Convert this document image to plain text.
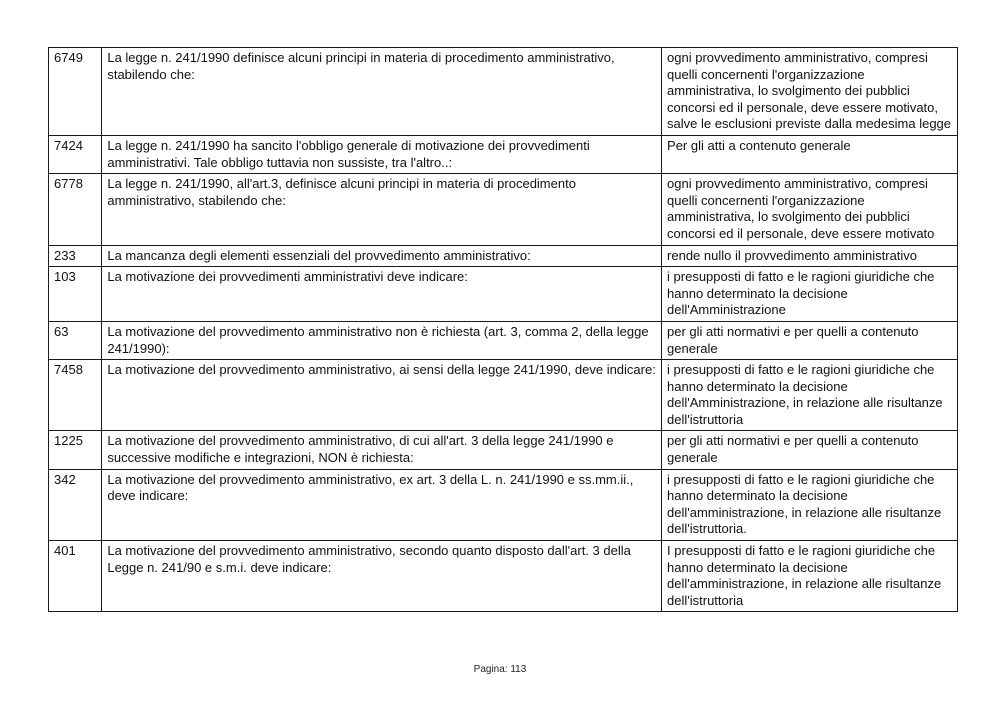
6749	La legge n. 241/1990 definisce alcuni principi in materia di procedimento amministrativo, stabilendo che:	ogni provvedimento amministrativo, compresi quelli concernenti l'organizzazione amministrativa, lo svolgimento dei pubblici concorsi ed il personale, deve essere motivato, salve le esclusioni previste dalla medesima legge
7424	La legge n. 241/1990 ha sancito l'obbligo generale di motivazione dei provvedimenti amministrativi. Tale obbligo tuttavia non sussiste, tra l'altro..:	Per gli atti a contenuto generale
6778	La legge n. 241/1990, all'art.3, definisce alcuni principi in materia di procedimento amministrativo, stabilendo che:	ogni provvedimento amministrativo, compresi quelli concernenti l'organizzazione amministrativa, lo svolgimento dei pubblici concorsi ed il personale, deve essere motivato
233	La mancanza degli elementi essenziali del provvedimento amministrativo:	rende nullo il provvedimento amministrativo
103	La motivazione dei provvedimenti amministrativi deve indicare:	i presupposti di fatto e le ragioni giuridiche che hanno determinato la decisione dell'Amministrazione
63	La motivazione del provvedimento amministrativo non è richiesta (art. 3, comma 2, della legge 241/1990):	per gli atti normativi e per quelli a contenuto generale
7458	La motivazione del provvedimento amministrativo, ai sensi della legge 241/1990, deve indicare:	i presupposti di fatto e le ragioni giuridiche che hanno determinato la decisione dell'Amministrazione, in relazione alle risultanze dell'istruttoria
1225	La motivazione del provvedimento amministrativo, di cui all'art. 3 della legge 241/1990 e successive modifiche e integrazioni, NON è richiesta:	per gli atti normativi e per quelli a contenuto generale
342	La motivazione del provvedimento amministrativo, ex art. 3 della L. n. 241/1990 e ss.mm.ii., deve indicare:	i presupposti di fatto e le ragioni giuridiche che hanno determinato la decisione dell'amministrazione, in relazione alle risultanze dell'istruttoria.
401	La motivazione del provvedimento amministrativo, secondo quanto disposto dall'art. 3 della Legge n. 241/90 e s.m.i. deve indicare:	I presupposti di fatto e le ragioni giuridiche che hanno determinato la decisione dell'amministrazione, in relazione alle risultanze dell'istruttoria
Pagina: 113
